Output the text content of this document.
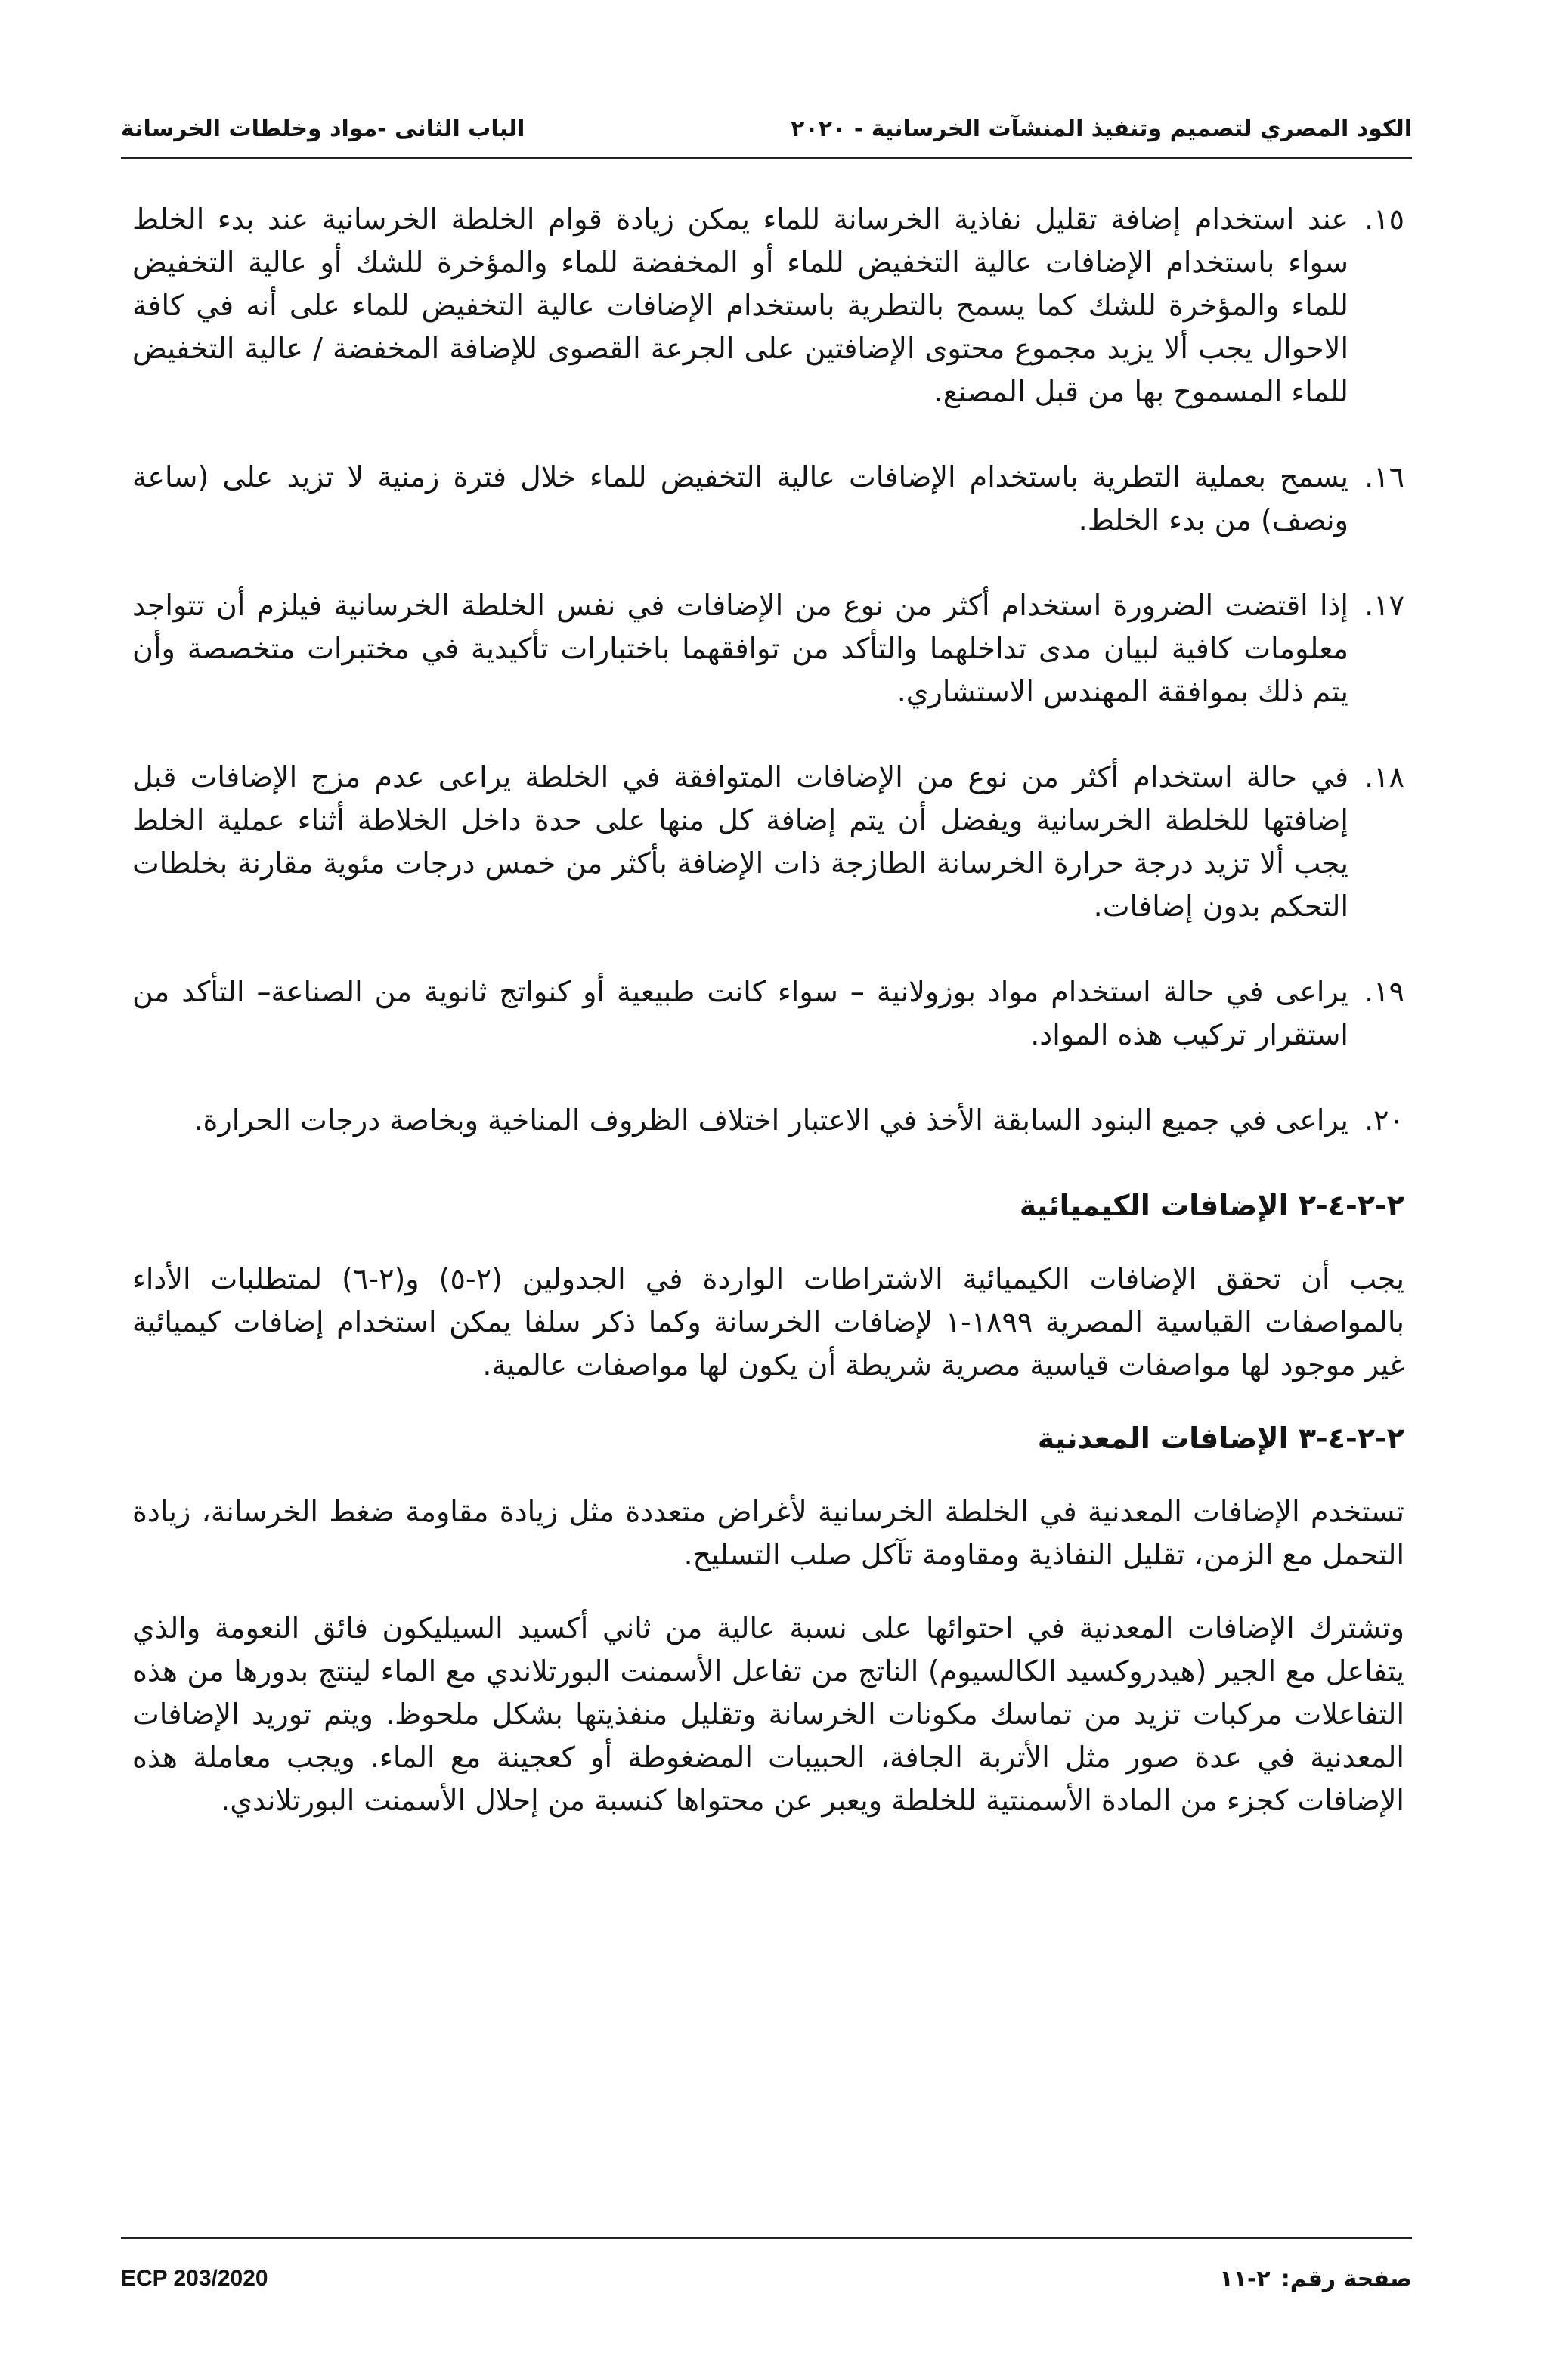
الكود المصري لتصميم وتنفيذ المنشآت الخرسانية - ٢٠٢٠
الباب الثانى -مواد وخلطات الخرسانة
١٥.
عند استخدام إضافة تقليل نفاذية الخرسانة للماء يمكن زيادة قوام الخلطة الخرسانية عند بدء الخلط سواء باستخدام الإضافات عالية التخفيض للماء أو المخفضة للماء والمؤخرة للشك أو عالية التخفيض للماء والمؤخرة للشك كما يسمح بالتطرية باستخدام الإضافات عالية التخفيض للماء على أنه في كافة الاحوال يجب ألا يزيد مجموع محتوى الإضافتين على الجرعة القصوى للإضافة المخفضة / عالية التخفيض للماء المسموح بها من قبل المصنع.
١٦.
يسمح بعملية التطرية باستخدام الإضافات عالية التخفيض للماء خلال فترة زمنية لا تزيد على (ساعة ونصف) من بدء الخلط.
١٧.
إذا اقتضت الضرورة استخدام أكثر من نوع من الإضافات في نفس الخلطة الخرسانية فيلزم أن تتواجد معلومات كافية لبيان مدى تداخلهما والتأكد من توافقهما باختبارات تأكيدية في مختبرات متخصصة وأن يتم ذلك بموافقة المهندس الاستشاري.
١٨.
في حالة استخدام أكثر من نوع من الإضافات المتوافقة في الخلطة يراعى عدم مزج الإضافات قبل إضافتها للخلطة الخرسانية ويفضل أن يتم إضافة كل منها على حدة داخل الخلاطة أثناء عملية الخلط يجب ألا تزيد درجة حرارة الخرسانة الطازجة ذات الإضافة بأكثر من خمس درجات مئوية مقارنة بخلطات التحكم بدون إضافات.
١٩.
يراعى في حالة استخدام مواد بوزولانية – سواء كانت طبيعية أو كنواتج ثانوية من الصناعة– التأكد من استقرار تركيب هذه المواد.
٢٠.
يراعى في جميع البنود السابقة الأخذ في الاعتبار اختلاف الظروف المناخية وبخاصة درجات الحرارة.
٢-٢-٤-٢ الإضافات الكيميائية

يجب أن تحقق الإضافات الكيميائية الاشتراطات الواردة في الجدولين (٢-٥) و(٢-٦) لمتطلبات الأداء بالمواصفات القياسية المصرية ١٨٩٩-١ لإضافات الخرسانة وكما ذكر سلفا يمكن استخدام إضافات كيميائية غير موجود لها مواصفات قياسية مصرية شريطة أن يكون لها مواصفات عالمية.

٢-٢-٤-٣ الإضافات المعدنية

تستخدم الإضافات المعدنية في الخلطة الخرسانية لأغراض متعددة مثل زيادة مقاومة ضغط الخرسانة، زيادة التحمل مع الزمن، تقليل النفاذية ومقاومة تآكل صلب التسليح.

وتشترك الإضافات المعدنية في احتوائها على نسبة عالية من ثاني أكسيد السيليكون فائق النعومة والذي يتفاعل مع الجير (هيدروكسيد الكالسيوم) الناتج من تفاعل الأسمنت البورتلاندي مع الماء لينتج بدورها من هذه التفاعلات مركبات تزيد من تماسك مكونات الخرسانة وتقليل منفذيتها بشكل ملحوظ. ويتم توريد الإضافات المعدنية في عدة صور مثل الأتربة الجافة، الحبيبات المضغوطة أو كعجينة مع الماء. ويجب معاملة هذه الإضافات كجزء من المادة الأسمنتية للخلطة ويعبر عن محتواها كنسبة من إحلال الأسمنت البورتلاندي.

صفحة رقم:
٢-١١
ECP 203/2020
